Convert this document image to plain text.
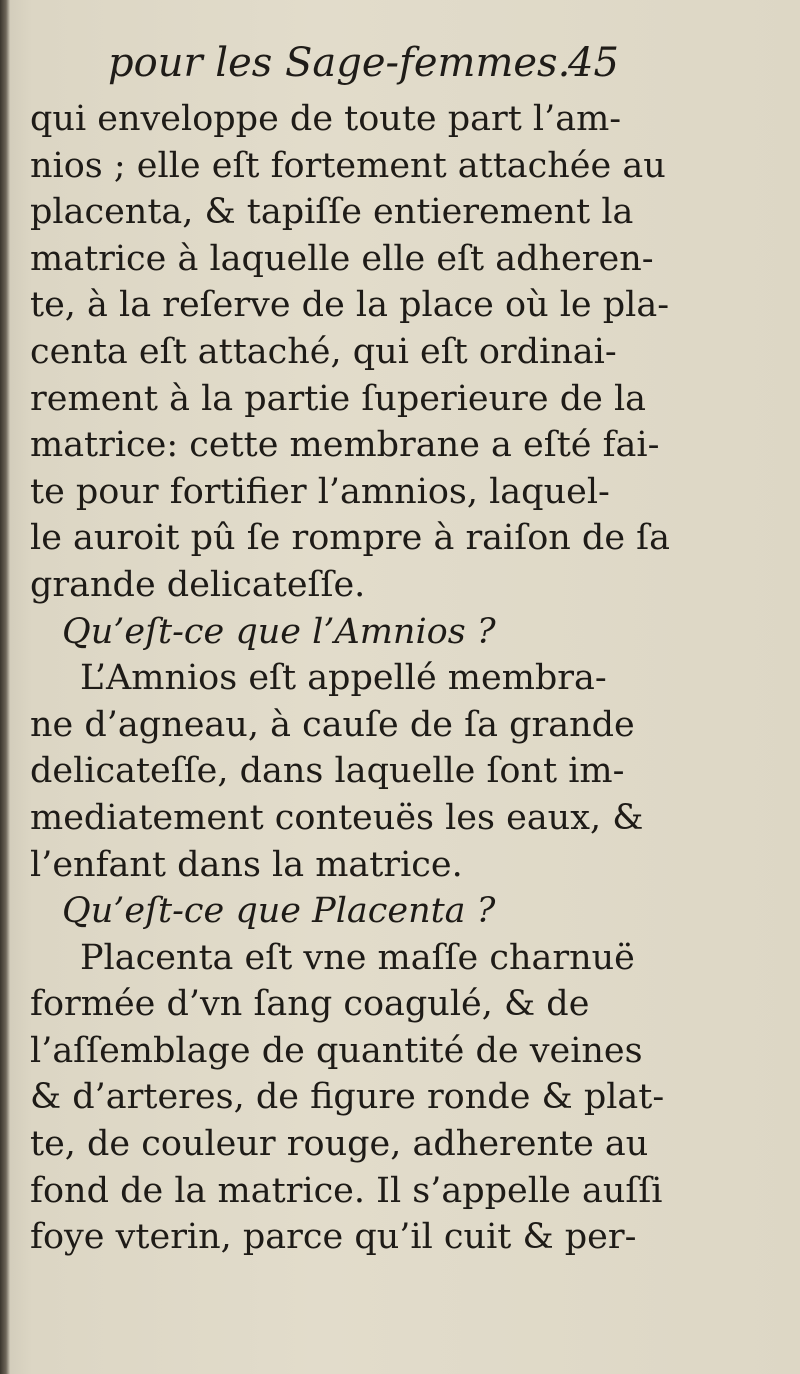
pour les Sage-femmes.
45
qui enveloppe de toute part l’am-
nios ; elle eſt fortement attachée au
placenta, & tapiſſe entierement la
matrice à laquelle elle eſt adheren-
te, à la reſerve de la place où le pla-
centa eſt attaché, qui eſt ordinai-
rement à la partie ſuperieure de la
matrice: cette membrane a eſté fai-
te pour fortifier l’amnios, laquel-
le auroit pû ſe rompre à raiſon de ſa
grande delicateſſe.
Qu’eſt-ce que l’Amnios ?
L’Amnios eſt appellé membra-
ne d’agneau, à cauſe de ſa grande
delicateſſe, dans laquelle ſont im-
mediatement conteuës les eaux, &
l’enfant dans la matrice.
Qu’eſt-ce que Placenta ?
Placenta eſt vne maſſe charnuë
formée d’vn ſang coagulé, & de
l’aſſemblage de quantité de veines
& d’arteres, de figure ronde & plat-
te, de couleur rouge, adherente au
fond de la matrice. Il s’appelle auſſi
foye vterin, parce qu’il cuit & per-
